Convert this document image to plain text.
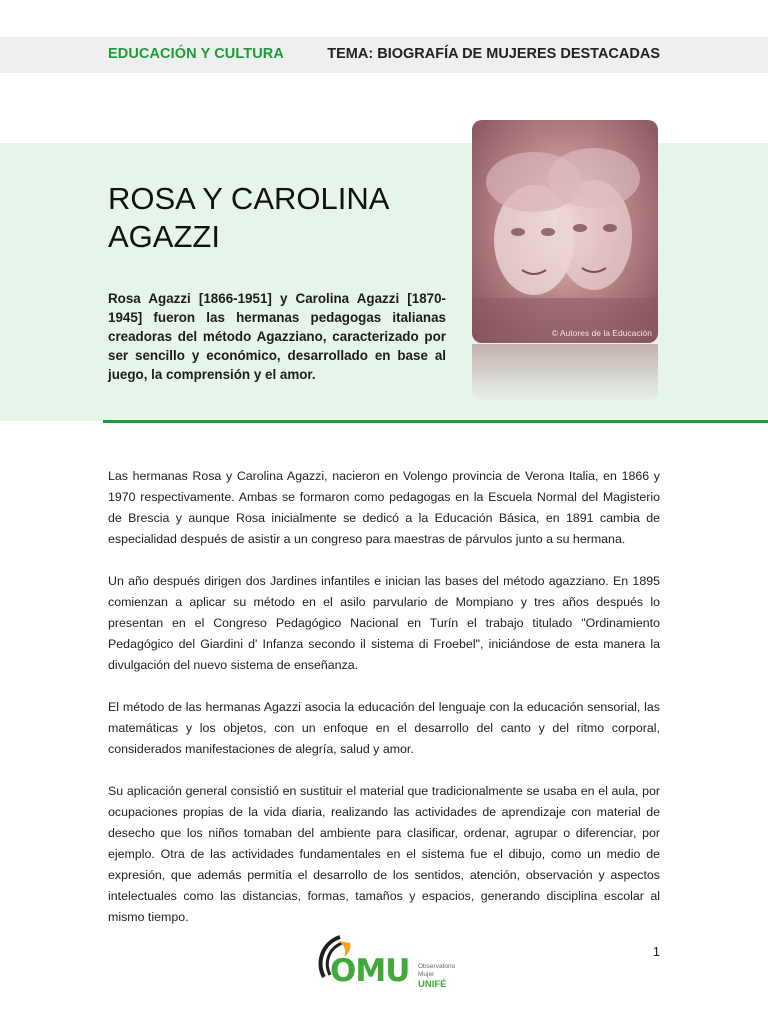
EDUCACIÓN Y CULTURA	TEMA: BIOGRAFÍA DE MUJERES DESTACADAS
ROSA Y CAROLINA
AGAZZI

Rosa Agazzi [1866-1951] y Carolina Agazzi [1870-1945] fueron las hermanas pedagogas italianas creadoras del método Agazziano, caracterizado por ser sencillo y económico, desarrollado en base al juego, la comprensión y el amor.

© Autores de la Educación

Las hermanas Rosa y Carolina Agazzi, nacieron en Volengo provincia de Verona Italia, en 1866 y 1970 respectivamente. Ambas se formaron como pedagogas en la Escuela Normal del Magisterio de Brescia y aunque Rosa inicialmente se dedicó a la Educación Básica, en 1891 cambia de especialidad después de asistir a un congreso para maestras de párvulos junto a su hermana.

Un año después dirigen dos Jardines infantiles e inician las bases del método agazziano. En 1895 comienzan a aplicar su método en el asilo parvulario de Mompiano y tres años después lo presentan en el Congreso Pedagógico Nacional en Turín el trabajo titulado "Ordinamiento Pedagógico del Giardini d' Infanza secondo il sistema di Froebel", iniciándose de esta manera la divulgación del nuevo sistema de enseñanza.

El método de las hermanas Agazzi asocia la educación del lenguaje con la educación sensorial, las matemáticas y los objetos, con un enfoque en el desarrollo del canto y del ritmo corporal, considerados manifestaciones de alegría, salud y amor.

Su aplicación general consistió en sustituir el material que tradicionalmente se usaba en el aula, por ocupaciones propias de la vida diaria, realizando las actividades de aprendizaje con material de desecho que los niños tomaban del ambiente para clasificar, ordenar, agrupar o diferenciar, por ejemplo. Otra de las actividades fundamentales en el sistema fue el dibujo, como un medio de expresión, que además permitía el desarrollo de los sentidos, atención, observación y aspectos intelectuales como las distancias, formas, tamaños y espacios, generando disciplina escolar al mismo tiempo.

1
OMU Observatorio
Mujer
UNIFÉ
